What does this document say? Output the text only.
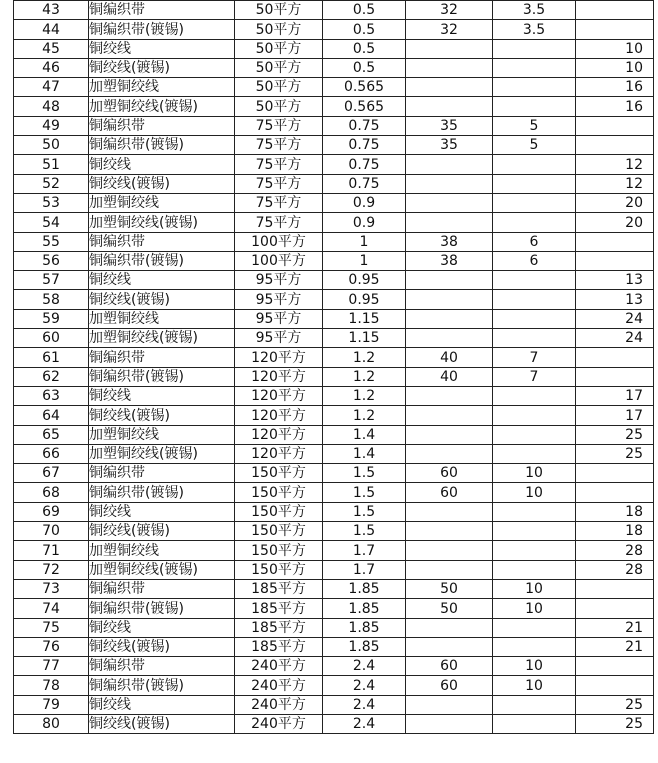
43	铜编织带	50平方	0.5	32	3.5	
44	铜编织带(镀锡)	50平方	0.5	32	3.5	
45	铜绞线	50平方	0.5			10
46	铜绞线(镀锡)	50平方	0.5			10
47	加塑铜绞线	50平方	0.565			16
48	加塑铜绞线(镀锡)	50平方	0.565			16
49	铜编织带	75平方	0.75	35	5	
50	铜编织带(镀锡)	75平方	0.75	35	5	
51	铜绞线	75平方	0.75			12
52	铜绞线(镀锡)	75平方	0.75			12
53	加塑铜绞线	75平方	0.9			20
54	加塑铜绞线(镀锡)	75平方	0.9			20
55	铜编织带	100平方	1	38	6	
56	铜编织带(镀锡)	100平方	1	38	6	
57	铜绞线	95平方	0.95			13
58	铜绞线(镀锡)	95平方	0.95			13
59	加塑铜绞线	95平方	1.15			24
60	加塑铜绞线(镀锡)	95平方	1.15			24
61	铜编织带	120平方	1.2	40	7	
62	铜编织带(镀锡)	120平方	1.2	40	7	
63	铜绞线	120平方	1.2			17
64	铜绞线(镀锡)	120平方	1.2			17
65	加塑铜绞线	120平方	1.4			25
66	加塑铜绞线(镀锡)	120平方	1.4			25
67	铜编织带	150平方	1.5	60	10	
68	铜编织带(镀锡)	150平方	1.5	60	10	
69	铜绞线	150平方	1.5			18
70	铜绞线(镀锡)	150平方	1.5			18
71	加塑铜绞线	150平方	1.7			28
72	加塑铜绞线(镀锡)	150平方	1.7			28
73	铜编织带	185平方	1.85	50	10	
74	铜编织带(镀锡)	185平方	1.85	50	10	
75	铜绞线	185平方	1.85			21
76	铜绞线(镀锡)	185平方	1.85			21
77	铜编织带	240平方	2.4	60	10	
78	铜编织带(镀锡)	240平方	2.4	60	10	
79	铜绞线	240平方	2.4			25
80	铜绞线(镀锡)	240平方	2.4			25
